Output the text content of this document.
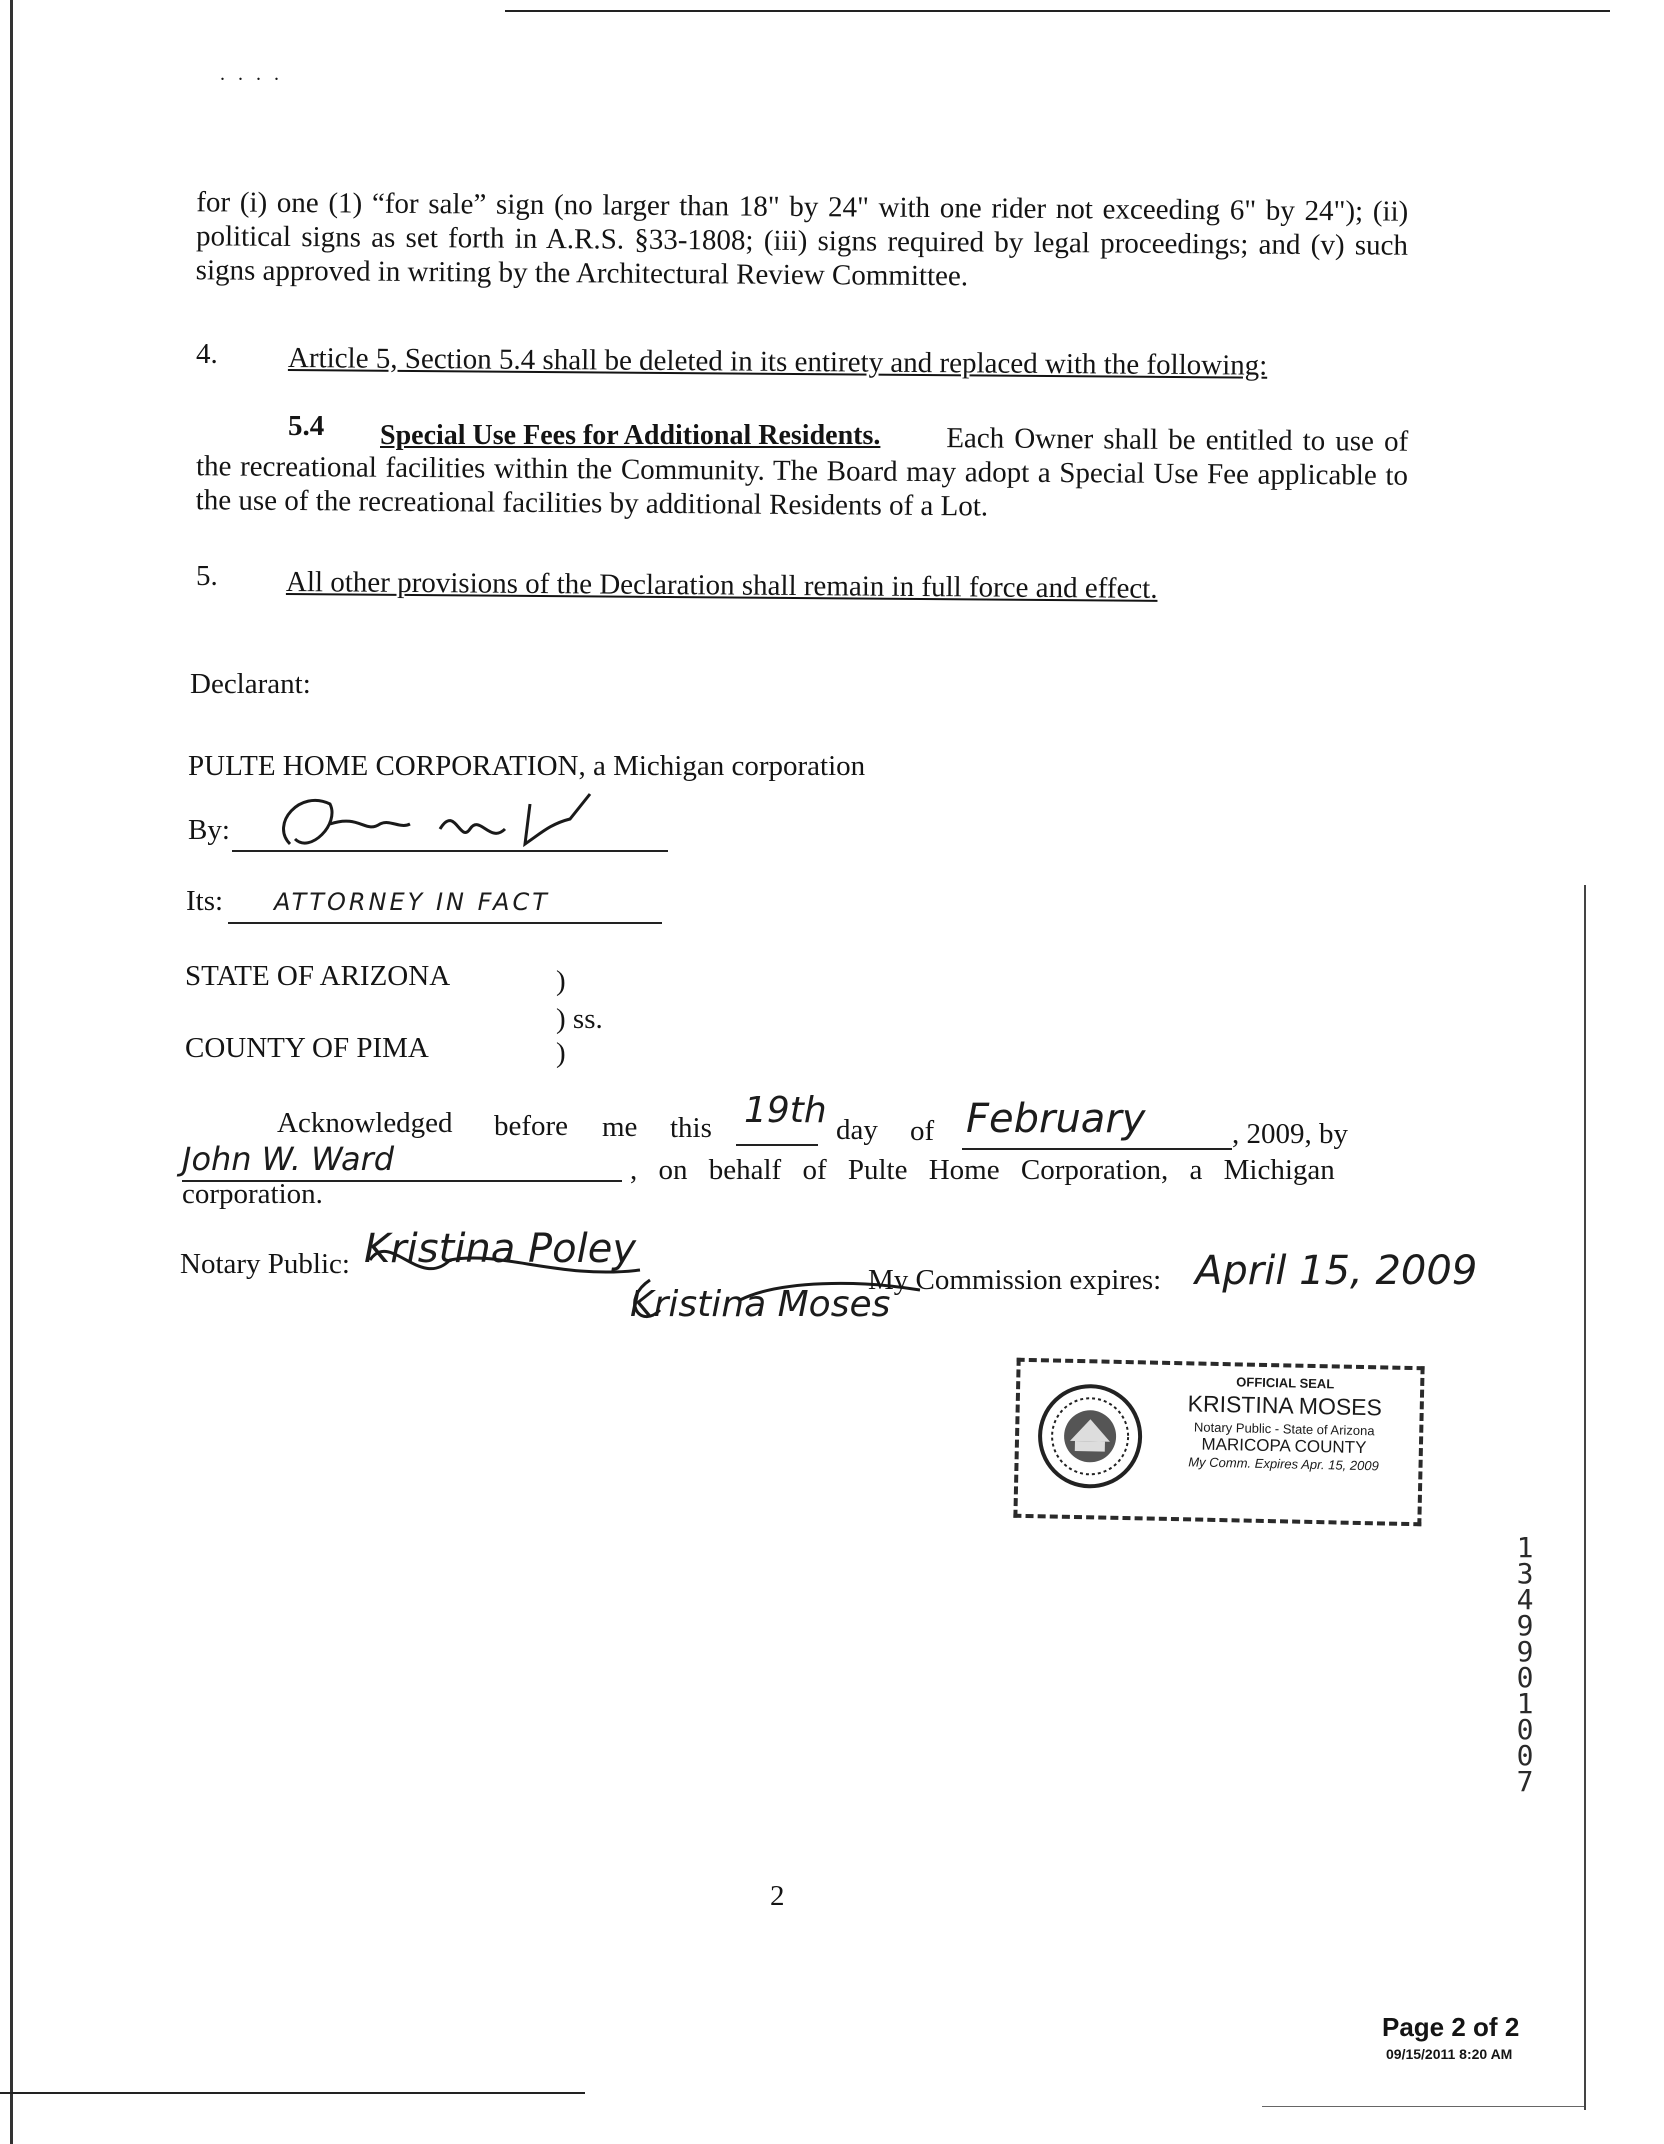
. . . .
for (i) one (1) “for sale” sign (no larger than 18" by 24" with one rider not exceeding 6" by 24"); (ii) political signs as set forth in A.R.S. §33-1808; (iii) signs required by legal proceedings; and (v) such signs approved in writing by the Architectural Review Committee.
4. Article 5, Section 5.4 shall be deleted in its entirety and replaced with the following:
5.4 Special Use Fees for Additional Residents.	Each Owner shall be entitled to use of the recreational facilities within the Community. The Board may adopt a Special Use Fee applicable to the use of the recreational facilities by additional Residents of a Lot.
5. All other provisions of the Declaration shall remain in full force and effect.
Declarant:
PULTE HOME CORPORATION, a Michigan corporation
By:
Its: ATTORNEY IN FACT
STATE OF ARIZONA	)
) ss.
COUNTY OF PIMA	)
Acknowledged before me this 19th day of February	, 2009, by
John W. Ward	, on behalf of Pulte Home Corporation, a Michigan
corporation.
Notary Public: Kristina Poley
Kristina Moses
My Commission expires: April 15, 2009
OFFICIAL SEAL
KRISTINA MOSES
Notary Public - State of Arizona
MARICOPA COUNTY
My Comm. Expires Apr. 15, 2009
13499 01007
2
Page 2 of 2
09/15/2011 8:20 AM
